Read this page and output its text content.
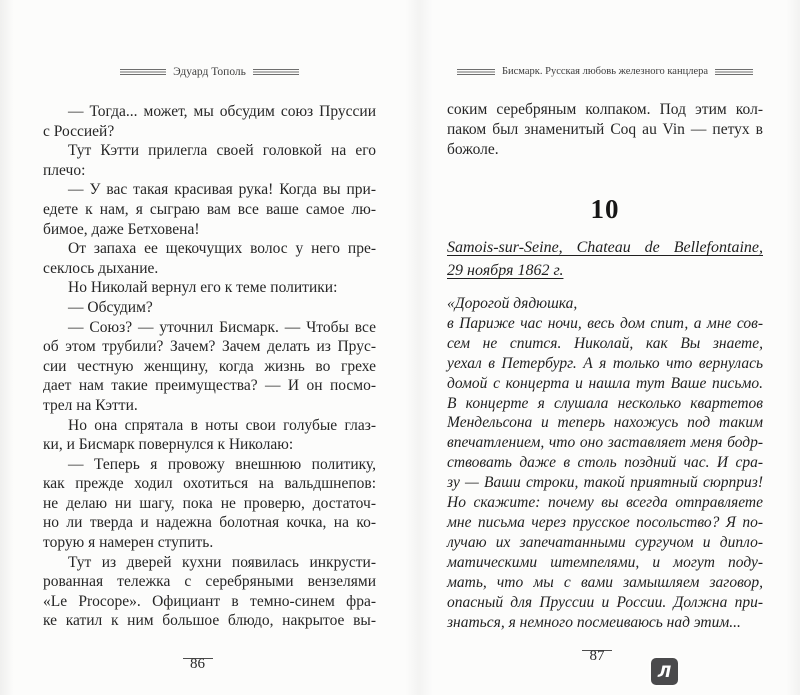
Эдуард Тополь
— Тогда... может, мы обсудим союз Пруссии
с Россией?
Тут Кэтти прилегла своей головкой на его
плечо:
— У вас такая красивая рука! Когда вы при-
едете к нам, я сыграю вам все ваше самое лю-
бимое, даже Бетховена!
От запаха ее щекочущих волос у него пре-
секлось дыхание.
Но Николай вернул его к теме политики:
— Обсудим?
— Союз? — уточнил Бисмарк. — Чтобы все
об этом трубили? Зачем? Зачем делать из Прус-
сии честную женщину, когда жизнь во грехе
дает нам такие преимущества? — И он посмо-
трел на Кэтти.
Но она спрятала в ноты свои голубые глаз-
ки, и Бисмарк повернулся к Николаю:
— Теперь я провожу внешнюю политику,
как прежде ходил охотиться на вальдшнепов:
не делаю ни шагу, пока не проверю, достаточ-
но ли тверда и надежна болотная кочка, на ко-
торую я намерен ступить.
Тут из дверей кухни появилась инкрусти-
рованная тележка с серебряными вензелями
«Le Procope». Официант в темно-синем фра-
ке катил к ним большое блюдо, накрытое вы-
86
Бисмарк. Русская любовь железного канцлера
соким серебряным колпаком. Под этим кол-
паком был знаменитый Coq au Vin — петух в
божоле.
10
Samois-sur-Seine, Chateau de Bellefontaine,
29 ноября 1862 г.
«Дорогой дядюшка,
в Париже час ночи, весь дом спит, а мне сов-
сем не спится. Николай, как Вы знаете,
уехал в Петербург. А я только что вернулась
домой с концерта и нашла тут Ваше письмо.
В концерте я слушала несколько квартетов
Мендельсона и теперь нахожусь под таким
впечатлением, что оно заставляет меня бодр-
ствовать даже в столь поздний час. И сра-
зу — Ваши строки, такой приятный сюрприз!
Но скажите: почему вы всегда отправляете
мне письма через прусское посольство? Я по-
лучаю их запечатанными сургучом и дипло-
матическими штемпелями, и могут поду-
мать, что мы с вами замышляем заговор,
опасный для Пруссии и России. Должна при-
знаться, я немного посмеиваюсь над этим...
87
Л
